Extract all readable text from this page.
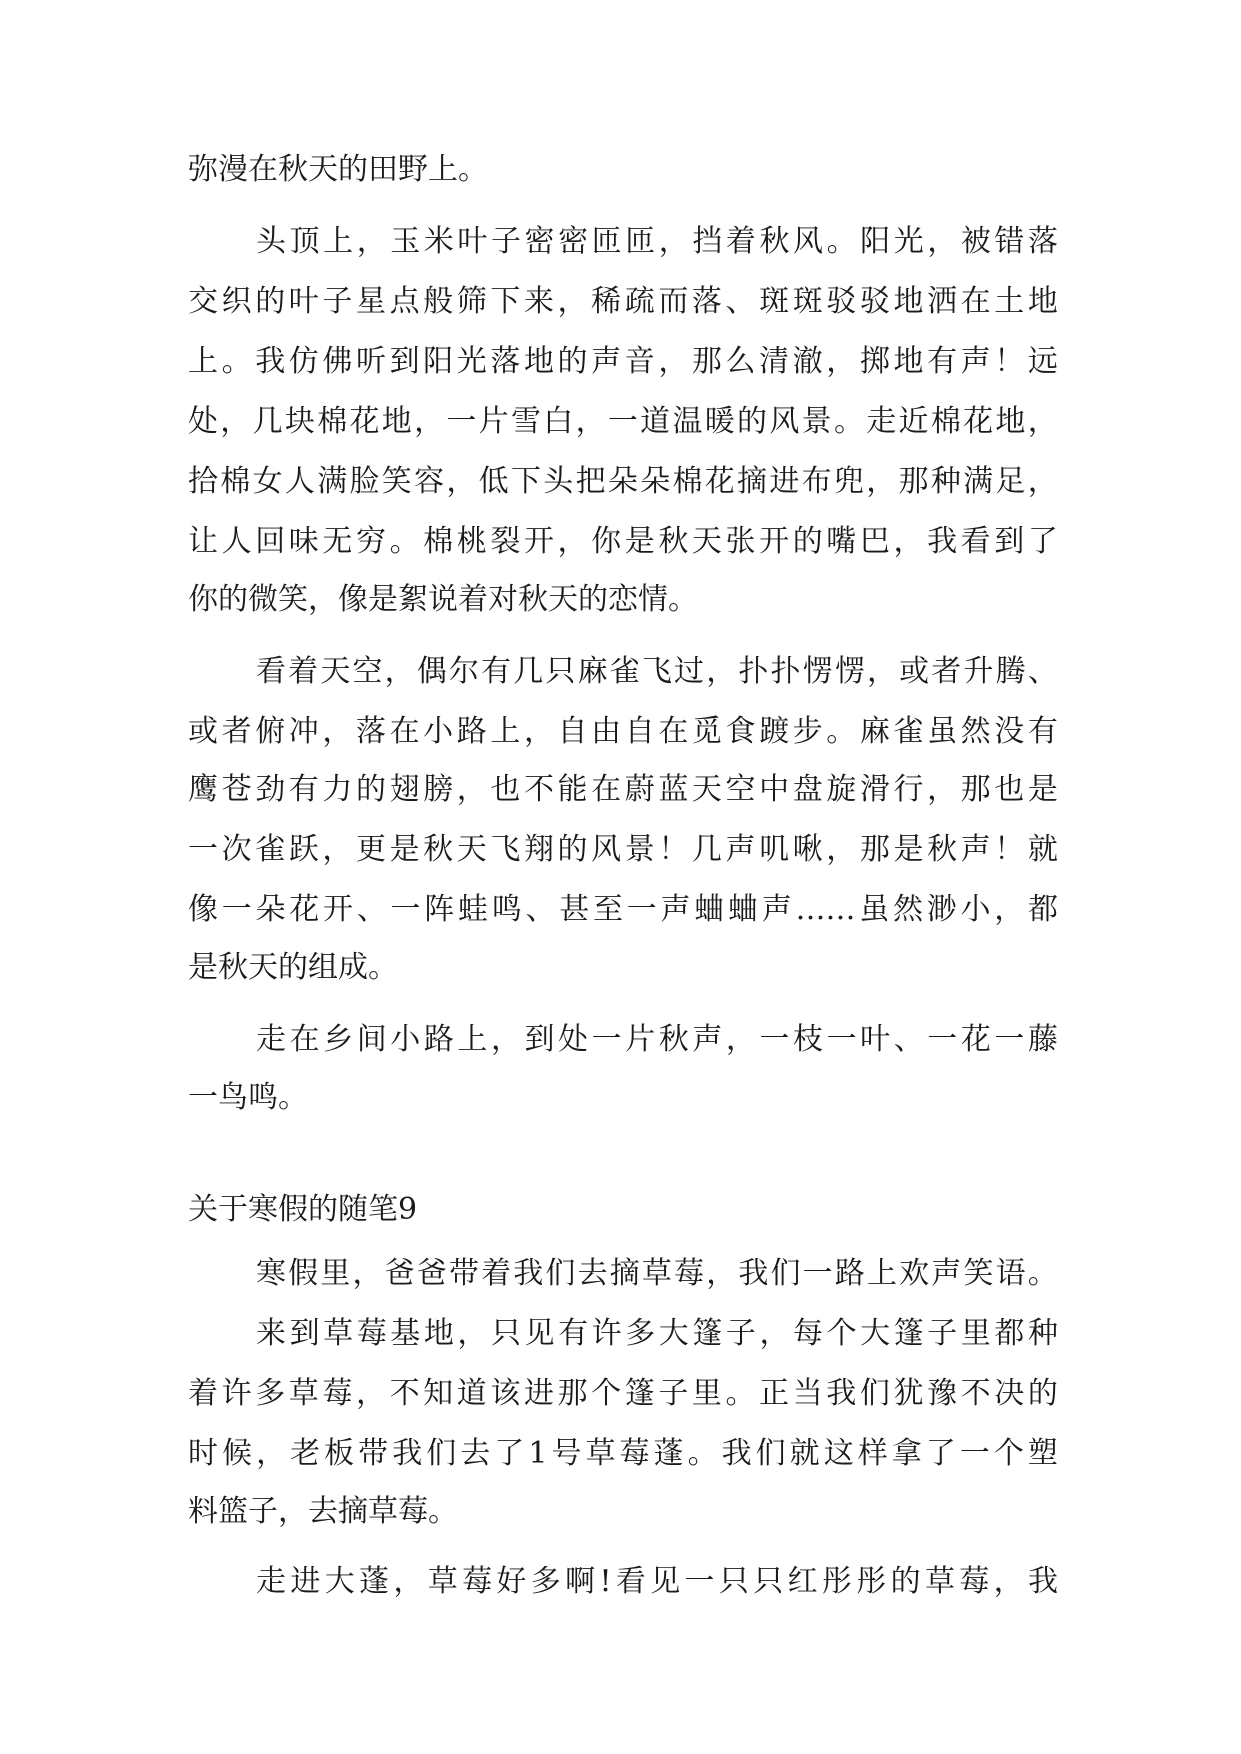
弥漫在秋天的田野上。
头 顶 上 ， 玉 米 叶 子 密 密 匝 匝 ， 挡 着 秋 风 。 阳 光 ， 被 错 落
交 织 的 叶 子 星 点 般 筛 下 来 ， 稀 疏 而 落 、 斑 斑 驳 驳 地 洒 在 土 地
上 。 我 仿 佛 听 到 阳 光 落 地 的 声 音 ， 那 么 清 澈 ， 掷 地 有 声 ！ 远
处 ， 几 块 棉 花 地 ， 一 片 雪 白 ， 一 道 温 暖 的 风 景 。 走 近 棉 花 地 ，
拾 棉 女 人 满 脸 笑 容 ， 低 下 头 把 朵 朵 棉 花 摘 进 布 兜 ， 那 种 满 足 ，
让 人 回 味 无 穷 。 棉 桃 裂 开 ， 你 是 秋 天 张 开 的 嘴 巴 ， 我 看 到 了
你的微笑，像是絮说着对秋天的恋情。
看 着 天 空 ， 偶 尔 有 几 只 麻 雀 飞 过 ， 扑 扑 愣 愣 ， 或 者 升 腾 、
或 者 俯 冲 ， 落 在 小 路 上 ， 自 由 自 在 觅 食 踱 步 。 麻 雀 虽 然 没 有
鹰 苍 劲 有 力 的 翅 膀 ， 也 不 能 在 蔚 蓝 天 空 中 盘 旋 滑 行 ， 那 也 是
一 次 雀 跃 ， 更 是 秋 天 飞 翔 的 风 景 ！ 几 声 叽 啾 ， 那 是 秋 声 ！ 就
像 一 朵 花 开 、 一 阵 蛙 鸣 、 甚 至 一 声 蛐 蛐 声 …… 虽 然 渺 小 ， 都
是秋天的组成。
走 在 乡 间 小 路 上 ， 到 处 一 片 秋 声 ， 一 枝 一 叶 、 一 花 一 藤
一鸟鸣。
关于寒假的随笔9
寒 假 里 ， 爸 爸 带 着 我 们 去 摘 草 莓 ， 我 们 一 路 上 欢 声 笑 语 。
来 到 草 莓 基 地 ， 只 见 有 许 多 大 篷 子 ， 每 个 大 篷 子 里 都 种
着 许 多 草 莓 ， 不 知 道 该 进 那 个 篷 子 里 。 正 当 我 们 犹 豫 不 决 的
时 候 ， 老 板 带 我 们 去 了 1 号 草 莓 蓬 。 我 们 就 这 样 拿 了 一 个 塑
料篮子，去摘草莓。
走 进 大 蓬 ， 草 莓 好 多 啊 ! 看 见 一 只 只 红 彤 彤 的 草 莓 ， 我
